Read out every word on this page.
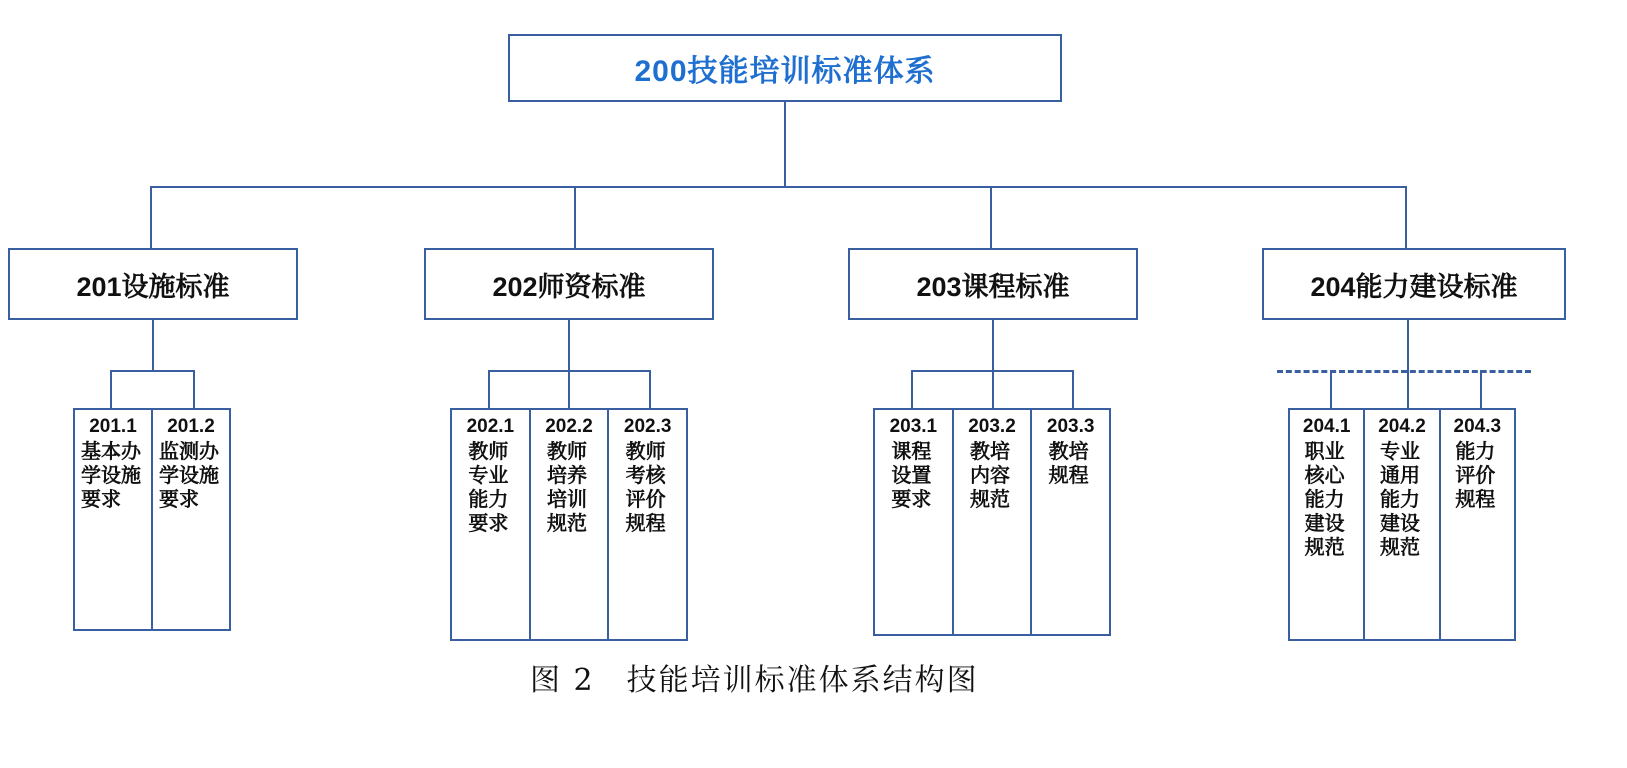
200技能培训标准体系
201设施标准	202师资标准	203课程标准	204能力建设标准
201.1
基本办学设施要求
201.2
监测办学设施要求
202.1
教师专业能力要求
202.2
教师培养培训规范
202.3
教师考核评价规程
203.1
课程设置要求
203.2
教培内容规范
203.3
教培规程
204.1
职业核心能力建设规范
204.2
专业通用能力建设规范
204.3
能力评价规程
图 2　技能培训标准体系结构图
